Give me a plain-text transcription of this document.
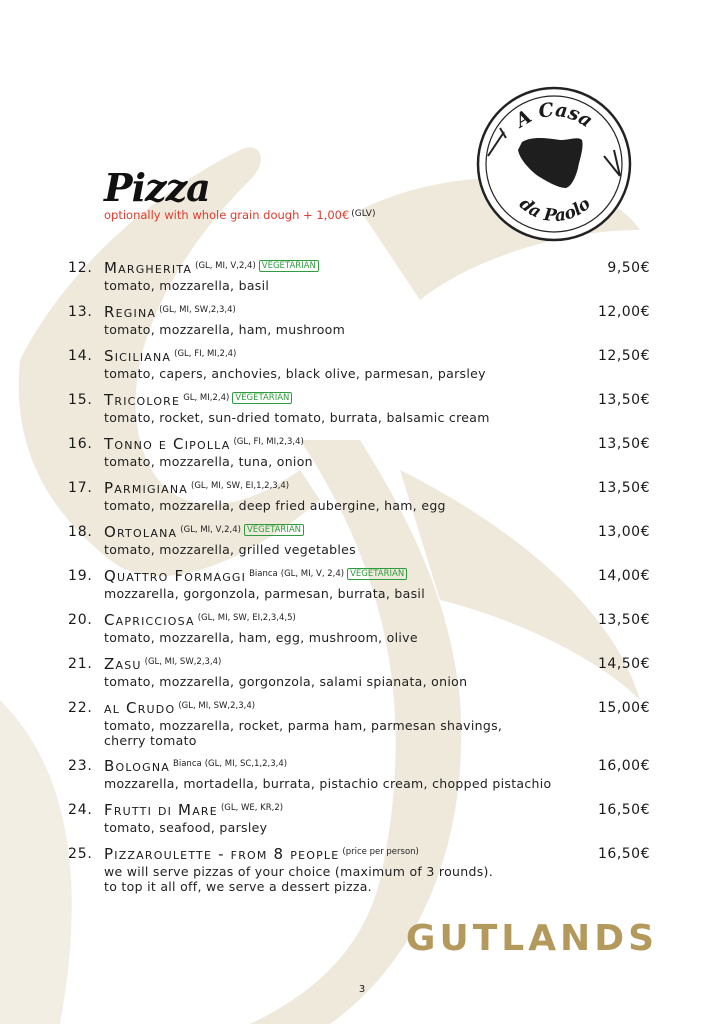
A Casa
da Paolo
Pizza
optionally with whole grain dough + 1,00€ $^{(GLV)}$
12. Margherita $^{(GL, MI, V,2,4)}$ $^{VEGETARIAN}$
tomato, mozzarella, basil
9,50€
13. Regina $^{(GL, MI, SW,2,3,4)}$
tomato, mozzarella, ham, mushroom
12,00€
14. Siciliana $^{(GL, FI, MI,2,4)}$
tomato, capers, anchovies, black olive, parmesan, parsley
12,50€
15. Tricolore $^{GL, MI,2,4)}$ $^{VEGETARIAN}$
tomato, rocket, sun-dried tomato, burrata, balsamic cream
13,50€
16. Tonno e Cipolla $^{(GL, FI, MI,2,3,4)}$
tomato, mozzarella, tuna, onion
13,50€
17. Parmigiana $^{(GL, MI, SW, EI,1,2,3,4)}$
tomato, mozzarella, deep fried aubergine, ham, egg
13,50€
18. Ortolana $^{(GL, MI, V,2,4)}$ $^{VEGETARIAN}$
tomato, mozzarella, grilled vegetables
13,00€
19. Quattro Formaggi $^{Bianca}$ $^{(GL, MI, V, 2,4)}$ $^{VEGETARIAN}$
mozzarella, gorgonzola, parmesan, burrata, basil
14,00€
20. Capricciosa $^{(GL, MI, SW, EI,2,3,4,5)}$
tomato, mozzarella, ham, egg, mushroom, olive
13,50€
21. Zasu $^{(GL, MI, SW,2,3,4)}$
tomato, mozzarella, gorgonzola, salami spianata, onion
14,50€
22. al Crudo $^{(GL, MI, SW,2,3,4)}$
tomato, mozzarella, rocket, parma ham, parmesan shavings,
cherry tomato
15,00€
23. Bologna $^{Bianca}$ $^{(GL, MI, SC,1,2,3,4)}$
mozzarella, mortadella, burrata, pistachio cream, chopped pistachio
16,00€
24. Frutti di Mare $^{(GL, WE, KR,2)}$
tomato, seafood, parsley
16,50€
25. Pizzaroulette - from 8 people $^{(price per person)}$
we will serve pizzas of your choice (maximum of 3 rounds).
to top it all off, we serve a dessert pizza.
16,50€
GUTLANDS
3
